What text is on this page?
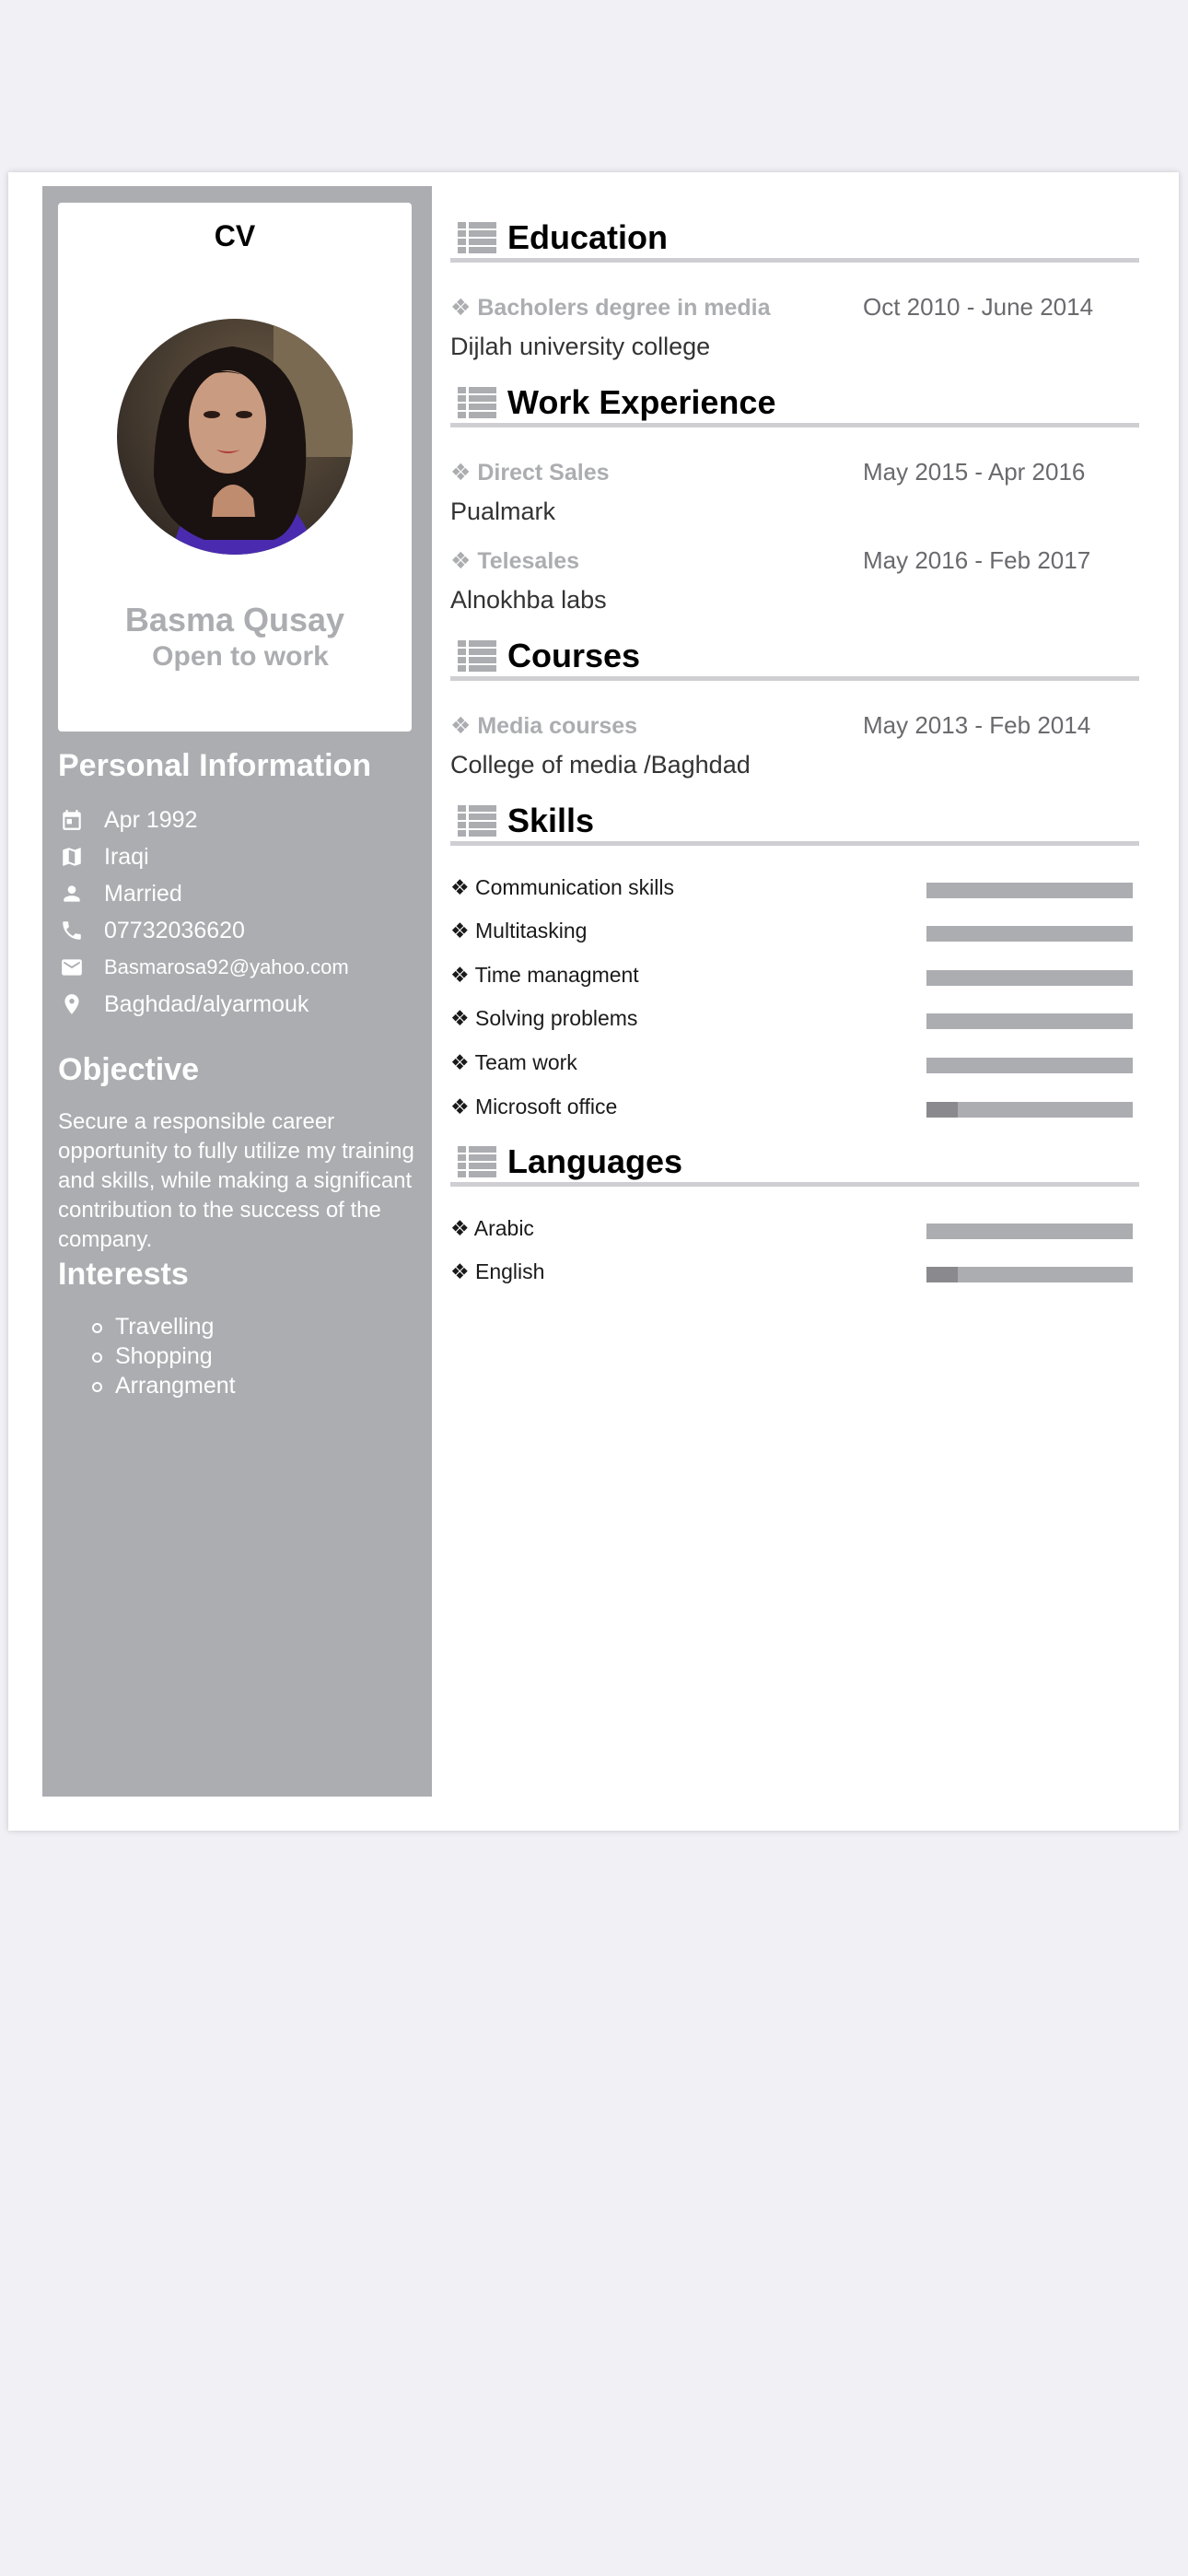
CV
Basma Qusay
Open to work
Personal Information
Apr 1992
Iraqi
Married
07732036620
Basmarosa92@yahoo.com
Baghdad/alyarmouk
Objective
Secure a responsible career opportunity to fully utilize my training and skills, while making a significant contribution to the success of the company.
Interests
Travelling
Shopping
Arrangment
Education
❖ Bacholers degree in media	Oct 2010 - June 2014
Dijlah university college
Work Experience
❖ Direct Sales	May 2015 - Apr 2016
Pualmark
❖ Telesales	May 2016 - Feb 2017
Alnokhba labs
Courses
❖ Media courses	May 2013 - Feb 2014
College of media /Baghdad
Skills
❖ Communication skills
❖ Multitasking
❖ Time managment
❖ Solving problems
❖ Team work
❖ Microsoft office
Languages
❖ Arabic
❖ English
